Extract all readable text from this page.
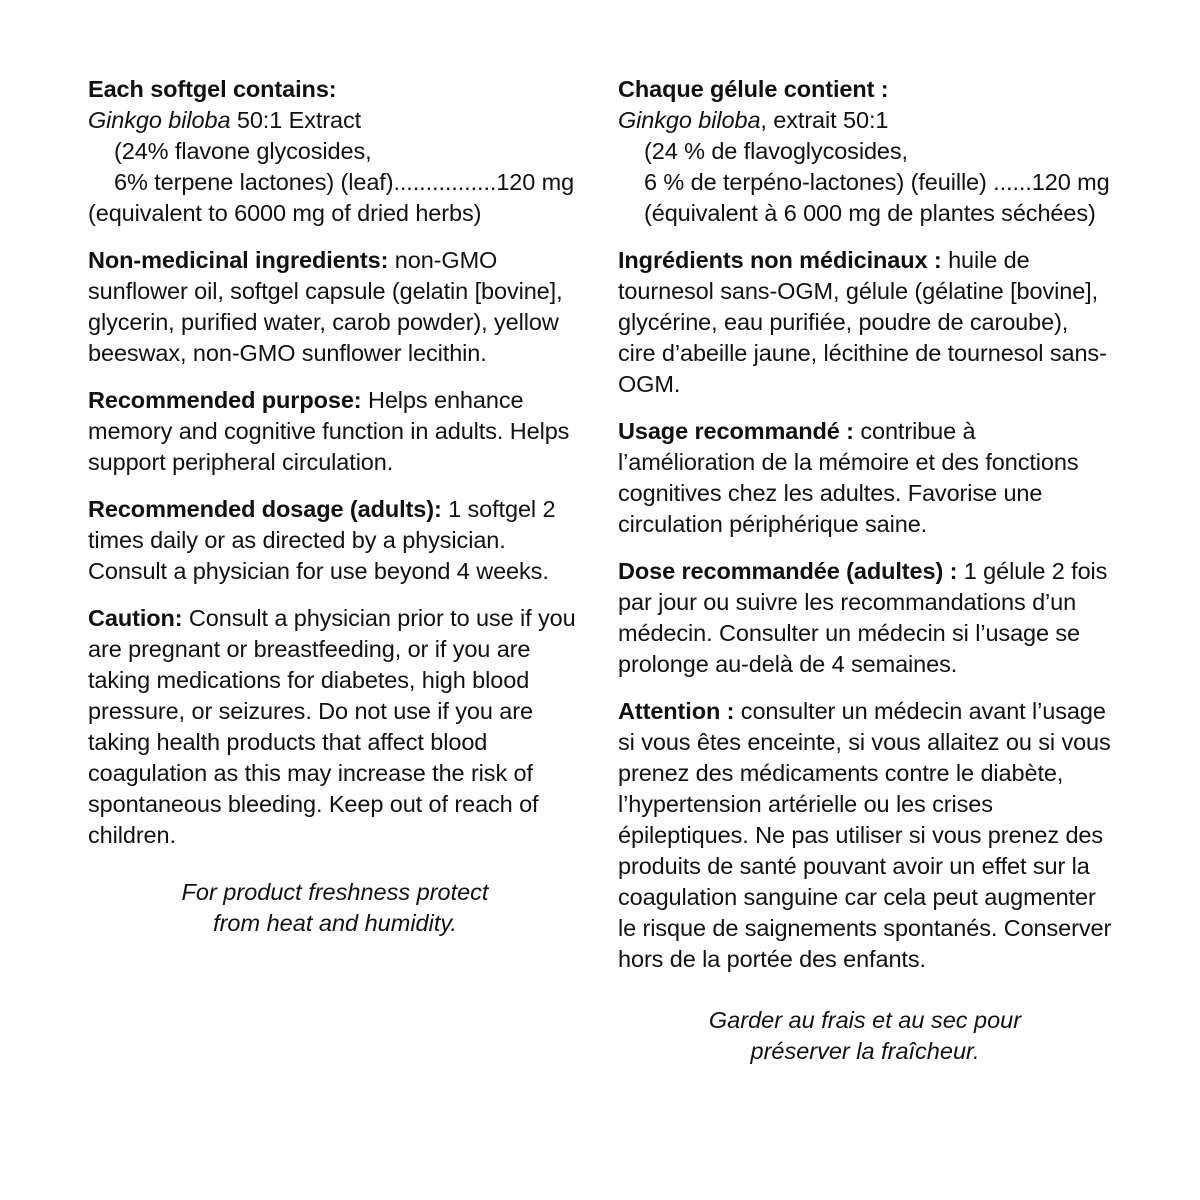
Each softgel contains:

Ginkgo biloba 50:1 Extract

(24% flavone glycosides,

6% terpene lactones) (leaf)................120 mg

(equivalent to 6000 mg of dried herbs)

Non-medicinal ingredients: non-GMO sunflower oil, softgel capsule (gelatin [bovine], glycerin, purified water, carob powder), yellow beeswax, non-GMO sunflower lecithin.

Recommended purpose: Helps enhance memory and cognitive function in adults. Helps support peripheral circulation.

Recommended dosage (adults): 1 softgel 2 times daily or as directed by a physician. Consult a physician for use beyond 4 weeks.

Caution: Consult a physician prior to use if you are pregnant or breastfeeding, or if you are taking medications for diabetes, high blood pressure, or seizures. Do not use if you are taking health products that affect blood coagulation as this may increase the risk of spontaneous bleeding. Keep out of reach of children.

For product freshness protect
from heat and humidity.

Chaque gélule contient :

Ginkgo biloba, extrait 50:1

(24 % de flavoglycosides,

6 % de terpéno-lactones) (feuille) ......120 mg

(équivalent à 6 000 mg de plantes séchées)

Ingrédients non médicinaux : huile de tournesol sans-OGM, gélule (gélatine [bovine], glycérine, eau purifiée, poudre de caroube), cire d’abeille jaune, lécithine de tournesol sans-OGM.

Usage recommandé : contribue à l’amélioration de la mémoire et des fonctions cognitives chez les adultes. Favorise une circulation périphérique saine.

Dose recommandée (adultes) : 1 gélule 2 fois par jour ou suivre les recommandations d’un médecin. Consulter un médecin si l’usage se prolonge au-delà de 4 semaines.

Attention : consulter un médecin avant l’usage si vous êtes enceinte, si vous allaitez ou si vous prenez des médicaments contre le diabète, l’hypertension artérielle ou les crises épileptiques. Ne pas utiliser si vous prenez des produits de santé pouvant avoir un effet sur la coagulation sanguine car cela peut augmenter le risque de saignements spontanés. Conserver hors de la portée des enfants.

Garder au frais et au sec pour
préserver la fraîcheur.
